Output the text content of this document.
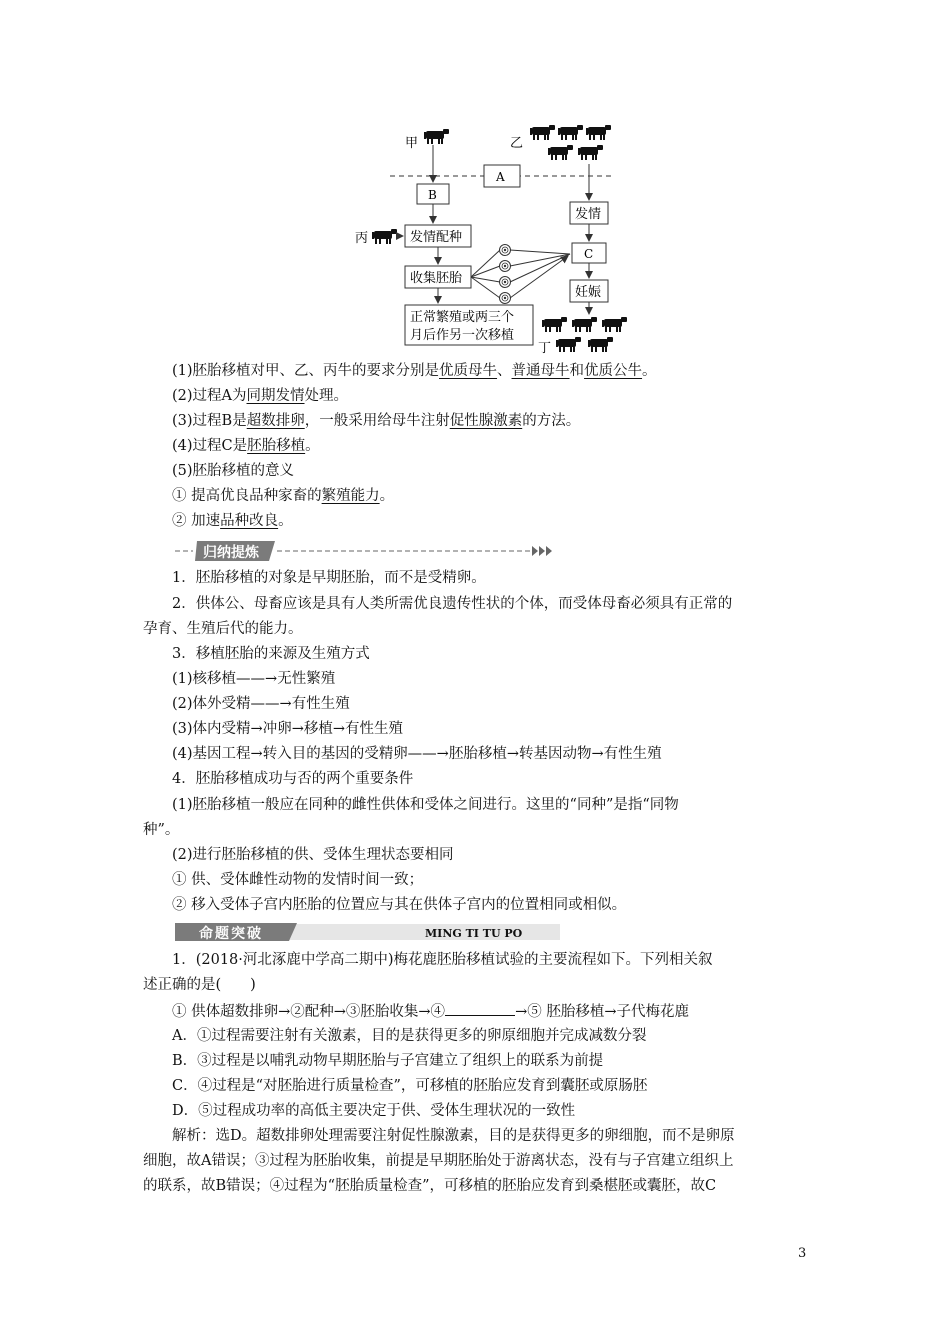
甲	乙
丙
丁
A
B
发情配种
收集胚胎
正常繁殖或两三个
月后作另一次移植
发情
C
妊娠
(1)胚胎移植对甲、乙、丙牛的要求分别是优质母牛、普通母牛和优质公牛。
(2)过程A为同期发情处理。
(3)过程B是超数排卵，一般采用给母牛注射促性腺激素的方法。
(4)过程C是胚胎移植。
(5)胚胎移植的意义
① 提高优良品种家畜的繁殖能力。
② 加速品种改良。
归纳提炼
1．胚胎移植的对象是早期胚胎，而不是受精卵。
2．供体公、母畜应该是具有人类所需优良遗传性状的个体，而受体母畜必须具有正常的
孕育、生殖后代的能力。
3．移植胚胎的来源及生殖方式
(1)核移植——→无性繁殖
(2)体外受精——→有性生殖
(3)体内受精→冲卵→移植→有性生殖
(4)基因工程→转入目的基因的受精卵——→胚胎移植→转基因动物→有性生殖
4．胚胎移植成功与否的两个重要条件
(1)胚胎移植一般应在同种的雌性供体和受体之间进行。这里的“同种”是指“同物
种”。
(2)进行胚胎移植的供、受体生理状态要相同
① 供、受体雌性动物的发情时间一致；
② 移入受体子宫内胚胎的位置应与其在供体子宫内的位置相同或相似。
命题突破	MING TI TU PO
1．(2018·河北涿鹿中学高二期中)梅花鹿胚胎移植试验的主要流程如下。下列相关叙
述正确的是(　　)
① 供体超数排卵→②配种→③胚胎收集→④	→⑤ 胚胎移植→子代梅花鹿
A．①过程需要注射有关激素，目的是获得更多的卵原细胞并完成减数分裂
B．③过程是以哺乳动物早期胚胎与子宫建立了组织上的联系为前提
C．④过程是“对胚胎进行质量检查”，可移植的胚胎应发育到囊胚或原肠胚
D．⑤过程成功率的高低主要决定于供、受体生理状况的一致性
解析：选D。超数排卵处理需要注射促性腺激素，目的是获得更多的卵细胞，而不是卵原
细胞，故A错误；③过程为胚胎收集，前提是早期胚胎处于游离状态，没有与子宫建立组织上
的联系，故B错误；④过程为“胚胎质量检查”，可移植的胚胎应发育到桑椹胚或囊胚，故C
3
